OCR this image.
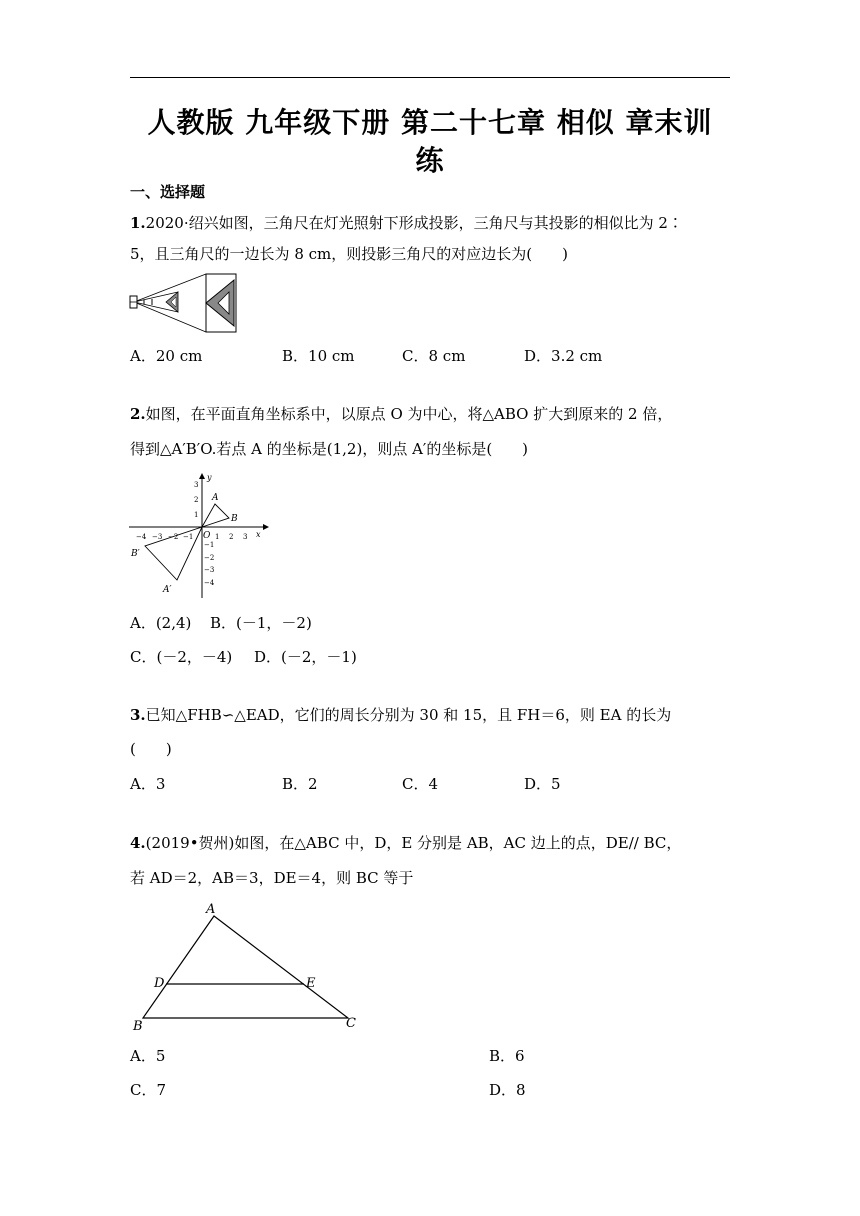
人教版 九年级下册 第二十七章 相似 章末训
练
一、选择题
1.2020·绍兴如图，三角尺在灯光照射下形成投影，三角尺与其投影的相似比为 2∶
5，且三角尺的一边长为 8 cm，则投影三角尺的对应边长为(　　)
A．20 cm	B．10 cm	C．8 cm	D．3.2 cm
2.如图，在平面直角坐标系中，以原点 O 为中心，将△ABO 扩大到原来的 2 倍，
得到△A′B′O.若点 A 的坐标是(1,2)，则点 A′的坐标是(　　)
y
x
O
−4 −3 −2 −1	1 2 3
3
2
1
−1
−2
−3
−4
A
B
B′
A′
A．(2,4) B．(－1，－2)
C．(－2，－4) D．(－2，－1)
3.已知△FHB∽△EAD，它们的周长分别为 30 和 15，且 FH＝6，则 EA 的长为
(　　)
A．3	B．2	C．4	D．5
4.(2019•贺州)如图，在△ABC 中，D，E 分别是 AB，AC 边上的点，DE// BC，
若 AD＝2，AB＝3，DE＝4，则 BC 等于
A
D	E
B	C
A．5	B．6
C．7	D．8
